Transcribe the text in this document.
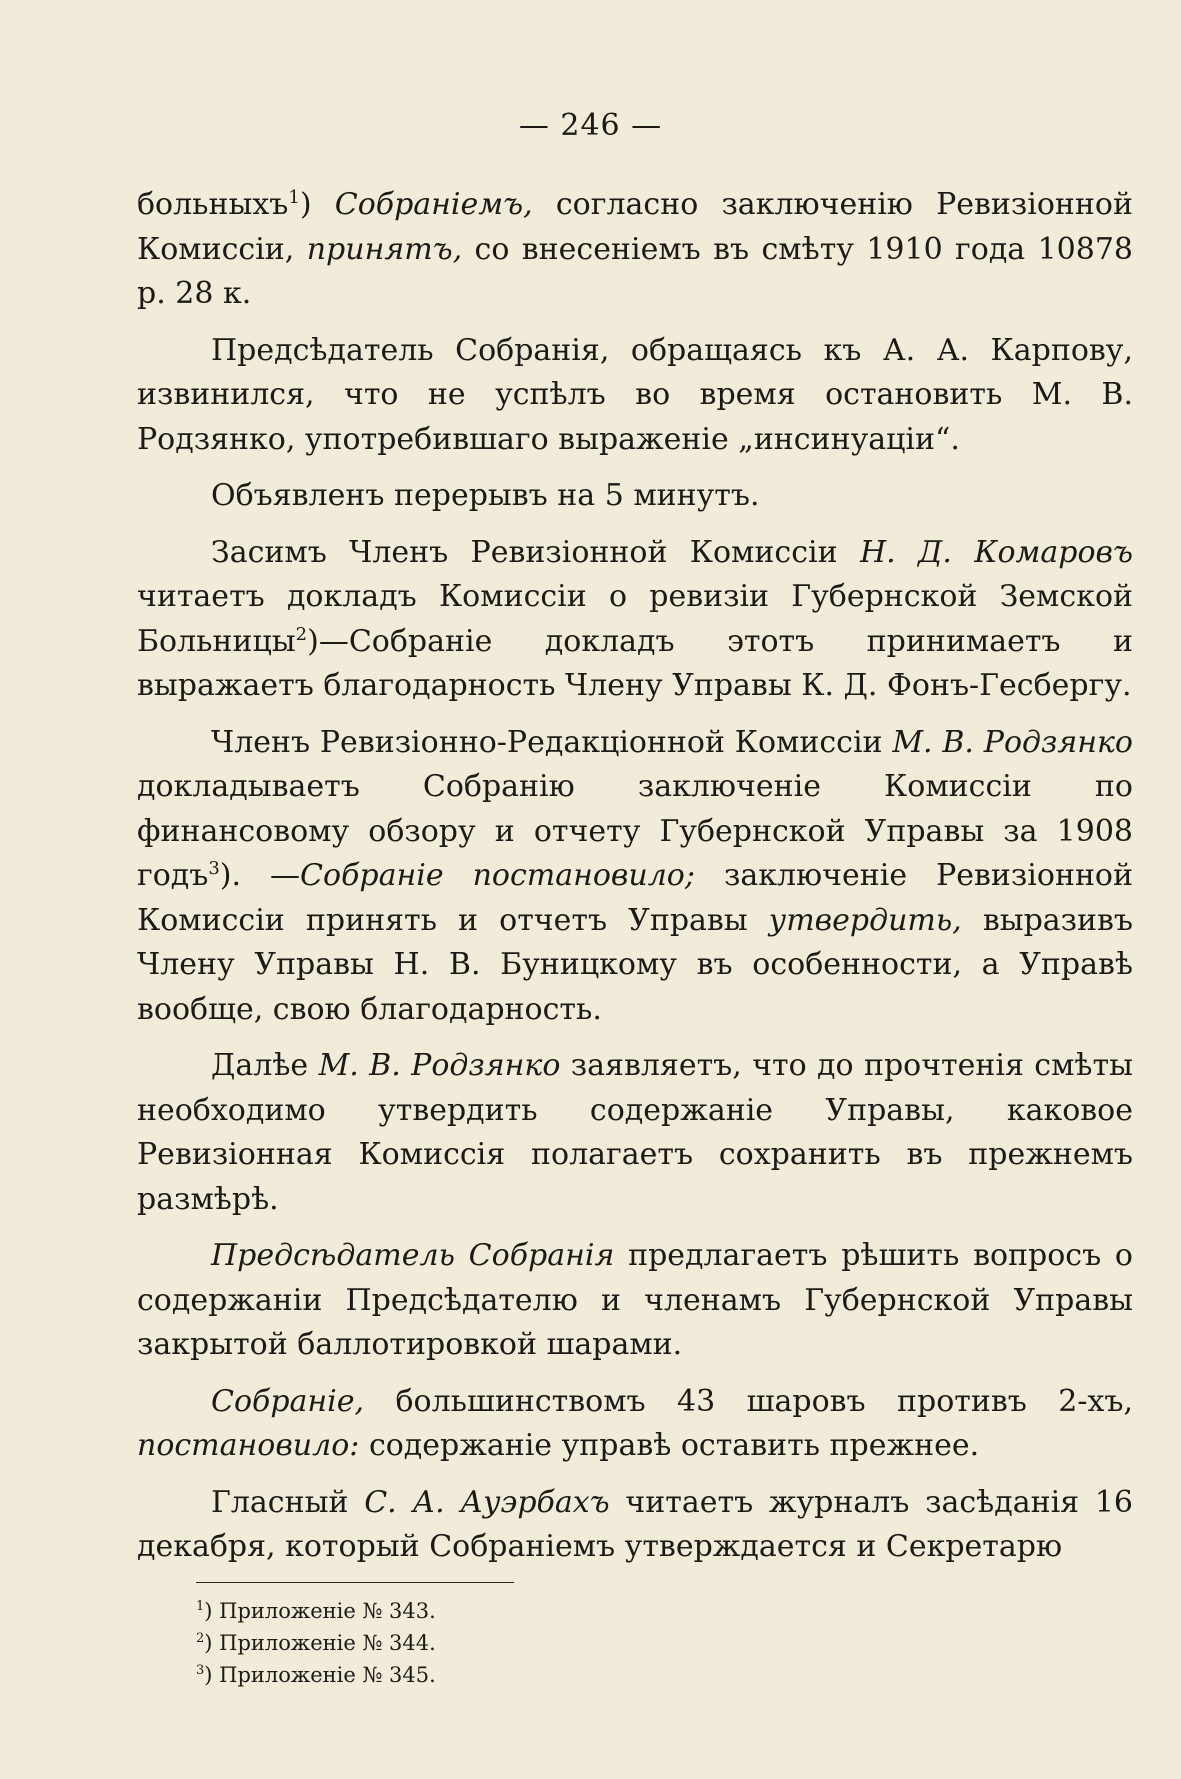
— 246 —

больныхъ$^1$) Собраніемъ, согласно заключенію Ревизіонной Комиссіи, принятъ, со внесеніемъ въ смѣту 1910 года 10878 р. 28 к.

Предсѣдатель Собранія, обращаясь къ А. А. Карпову, извинился, что не успѣлъ во время остановить М. В. Родзянко, употребившаго выраженіе „инсинуаціи“.

Объявленъ перерывъ на 5 минутъ.

Засимъ Членъ Ревизіонной Комиссіи Н. Д. Комаровъ читаетъ докладъ Комиссіи о ревизіи Губернской Земской Больницы$^2$)—Собраніе докладъ этотъ принимаетъ и выражаетъ благодарность Члену Управы К. Д. Фонъ-Гесбергу.

Членъ Ревизіонно-Редакціонной Комиссіи М. В. Родзянко докладываетъ Собранію заключеніе Комиссіи по финансовому обзору и отчету Губернской Управы за 1908 годъ$^3$). —Собраніе постановило; заключеніе Ревизіонной Комиссіи принять и отчетъ Управы утвердить, выразивъ Члену Управы Н. В. Буницкому въ особенности, а Управѣ вообще, свою благодарность.

Далѣе М. В. Родзянко заявляетъ, что до прочтенія смѣты необходимо утвердить содержаніе Управы, каковое Ревизіонная Комиссія полагаетъ сохранить въ прежнемъ размѣрѣ.

Предсѣдатель Собранія предлагаетъ рѣшить вопросъ о содержаніи Предсѣдателю и членамъ Губернской Управы закрытой баллотировкой шарами.

Собраніе, большинствомъ 43 шаровъ противъ 2-хъ, постановило: содержаніе управѣ оставить прежнее.

Гласный С. А. Ауэрбахъ читаетъ журналъ засѣданія 16 декабря, который Собраніемъ утверждается и Секретарю

$^1$) Приложеніе № 343.
$^2$) Приложеніе № 344.
$^3$) Приложеніе № 345.
